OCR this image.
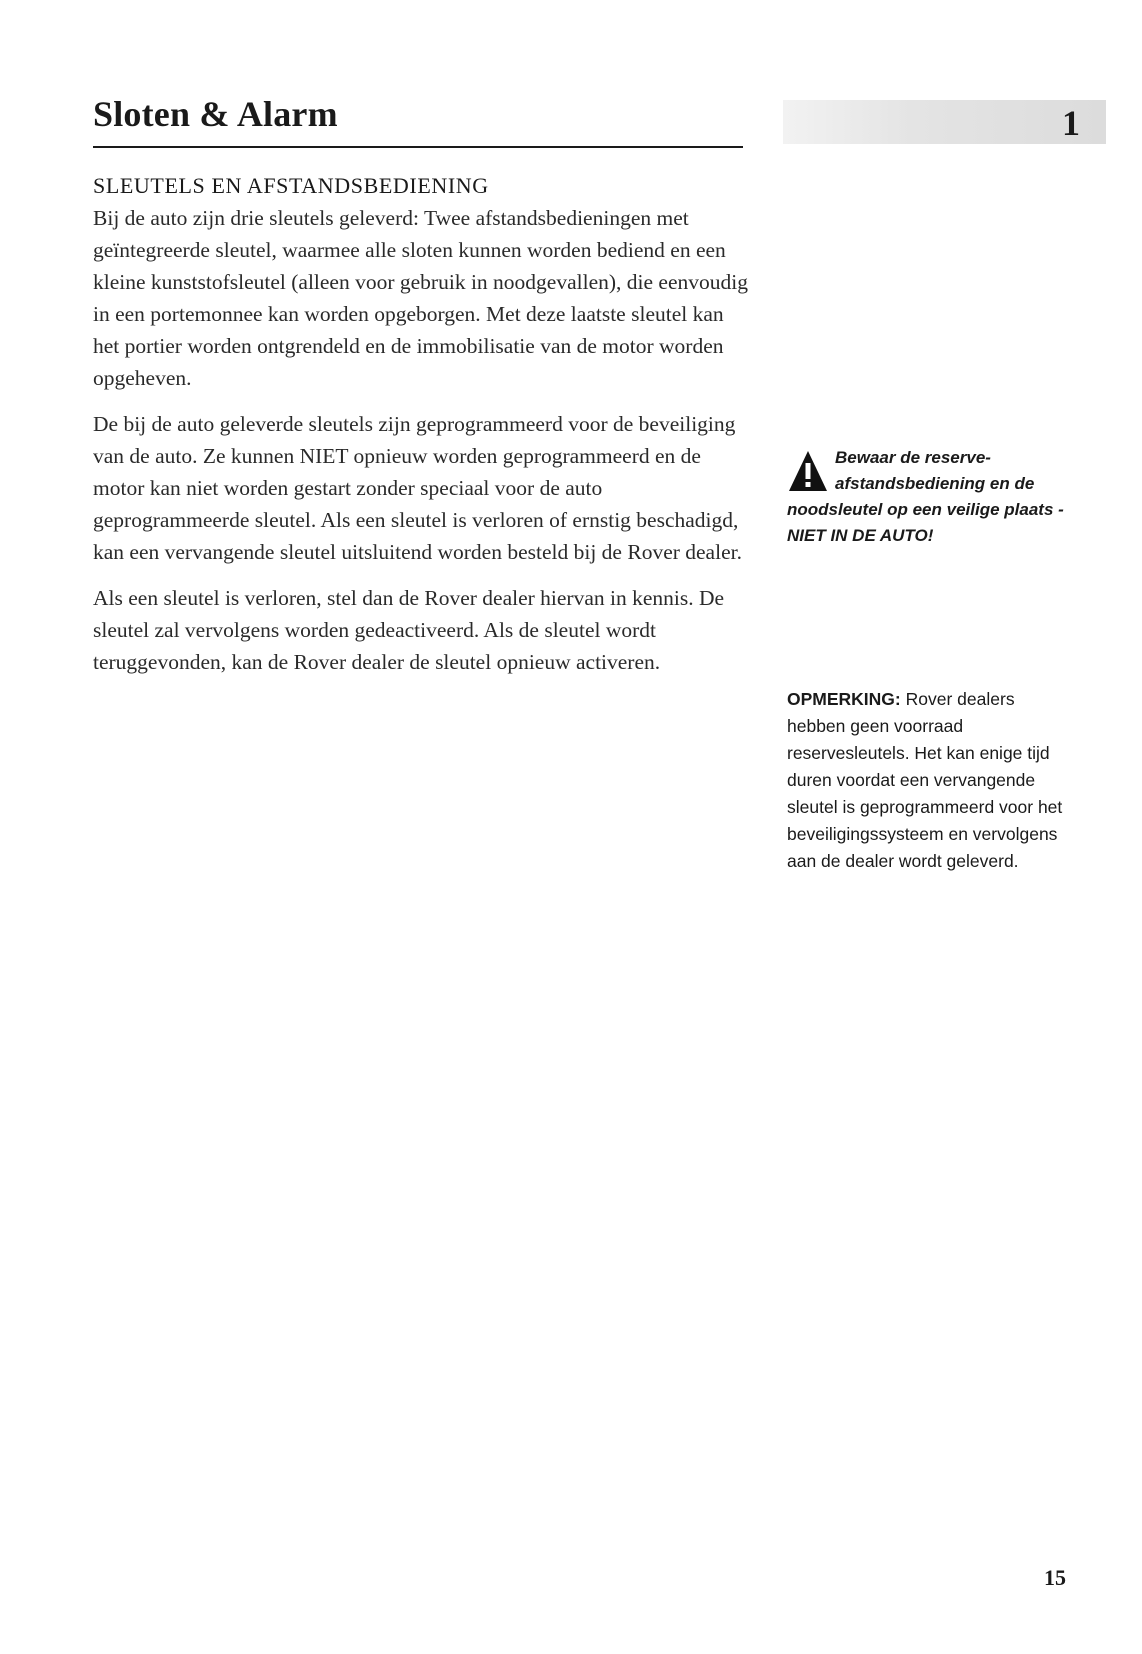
Sloten & Alarm	1
SLEUTELS EN AFSTANDSBEDIENING

Bij de auto zijn drie sleutels geleverd: Twee afstandsbedieningen met geïntegreerde sleutel, waarmee alle sloten kunnen worden bediend en een kleine kunststofsleutel (alleen voor gebruik in noodgevallen), die eenvoudig in een portemonnee kan worden opgeborgen. Met deze laatste sleutel kan het portier worden ontgrendeld en de immobilisatie van de motor worden opgeheven.

De bij de auto geleverde sleutels zijn geprogrammeerd voor de beveiliging van de auto. Ze kunnen NIET opnieuw worden geprogrammeerd en de motor kan niet worden gestart zonder speciaal voor de auto geprogrammeerde sleutel. Als een sleutel is verloren of ernstig beschadigd, kan een vervangende sleutel uitsluitend worden besteld bij de Rover dealer.

Als een sleutel is verloren, stel dan de Rover dealer hiervan in kennis. De sleutel zal vervolgens worden gedeactiveerd. Als de sleutel wordt teruggevonden, kan de Rover dealer de sleutel opnieuw activeren.

Bewaar de reserve-afstandsbediening en de noodsleutel op een veilige plaats - NIET IN DE AUTO!
OPMERKING: Rover dealers hebben geen voorraad reservesleutels. Het kan enige tijd duren voordat een vervangende sleutel is geprogrammeerd voor het beveiligingssysteem en vervolgens aan de dealer wordt geleverd.
15
